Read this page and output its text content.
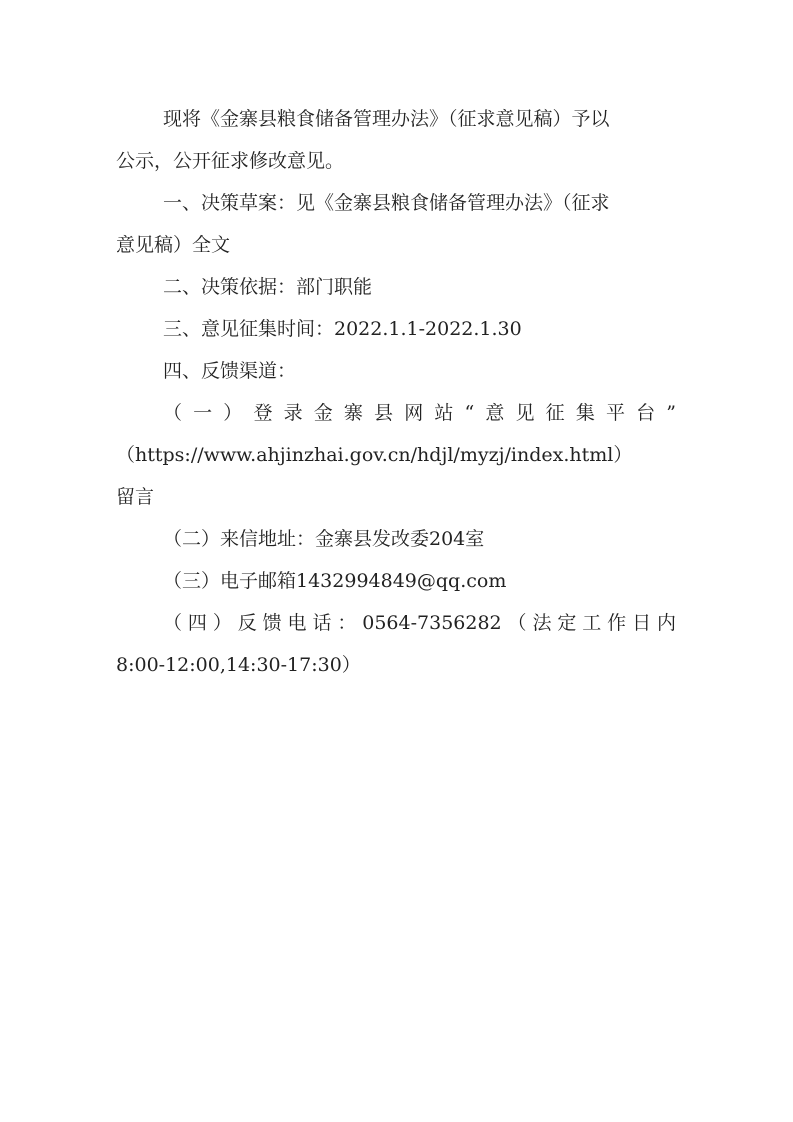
现将《金寨县粮食储备管理办法》（征求意见稿）予以
公示，公开征求修改意见。
一、决策草案：见《金寨县粮食储备管理办法》（征求
意见稿）全文
二、决策依据：部门职能
三、意见征集时间：2022.1.1-2022.1.30
四、反馈渠道：
（一）登录金寨县网站“意见征集平台”
（https://www.ahjinzhai.gov.cn/hdjl/myzj/index.html）
留言
（二）来信地址：金寨县发改委204室
（三）电子邮箱1432994849@qq.com
（四）反馈电话：0564-7356282（法定工作日内
8:00-12:00,14:30-17:30）
